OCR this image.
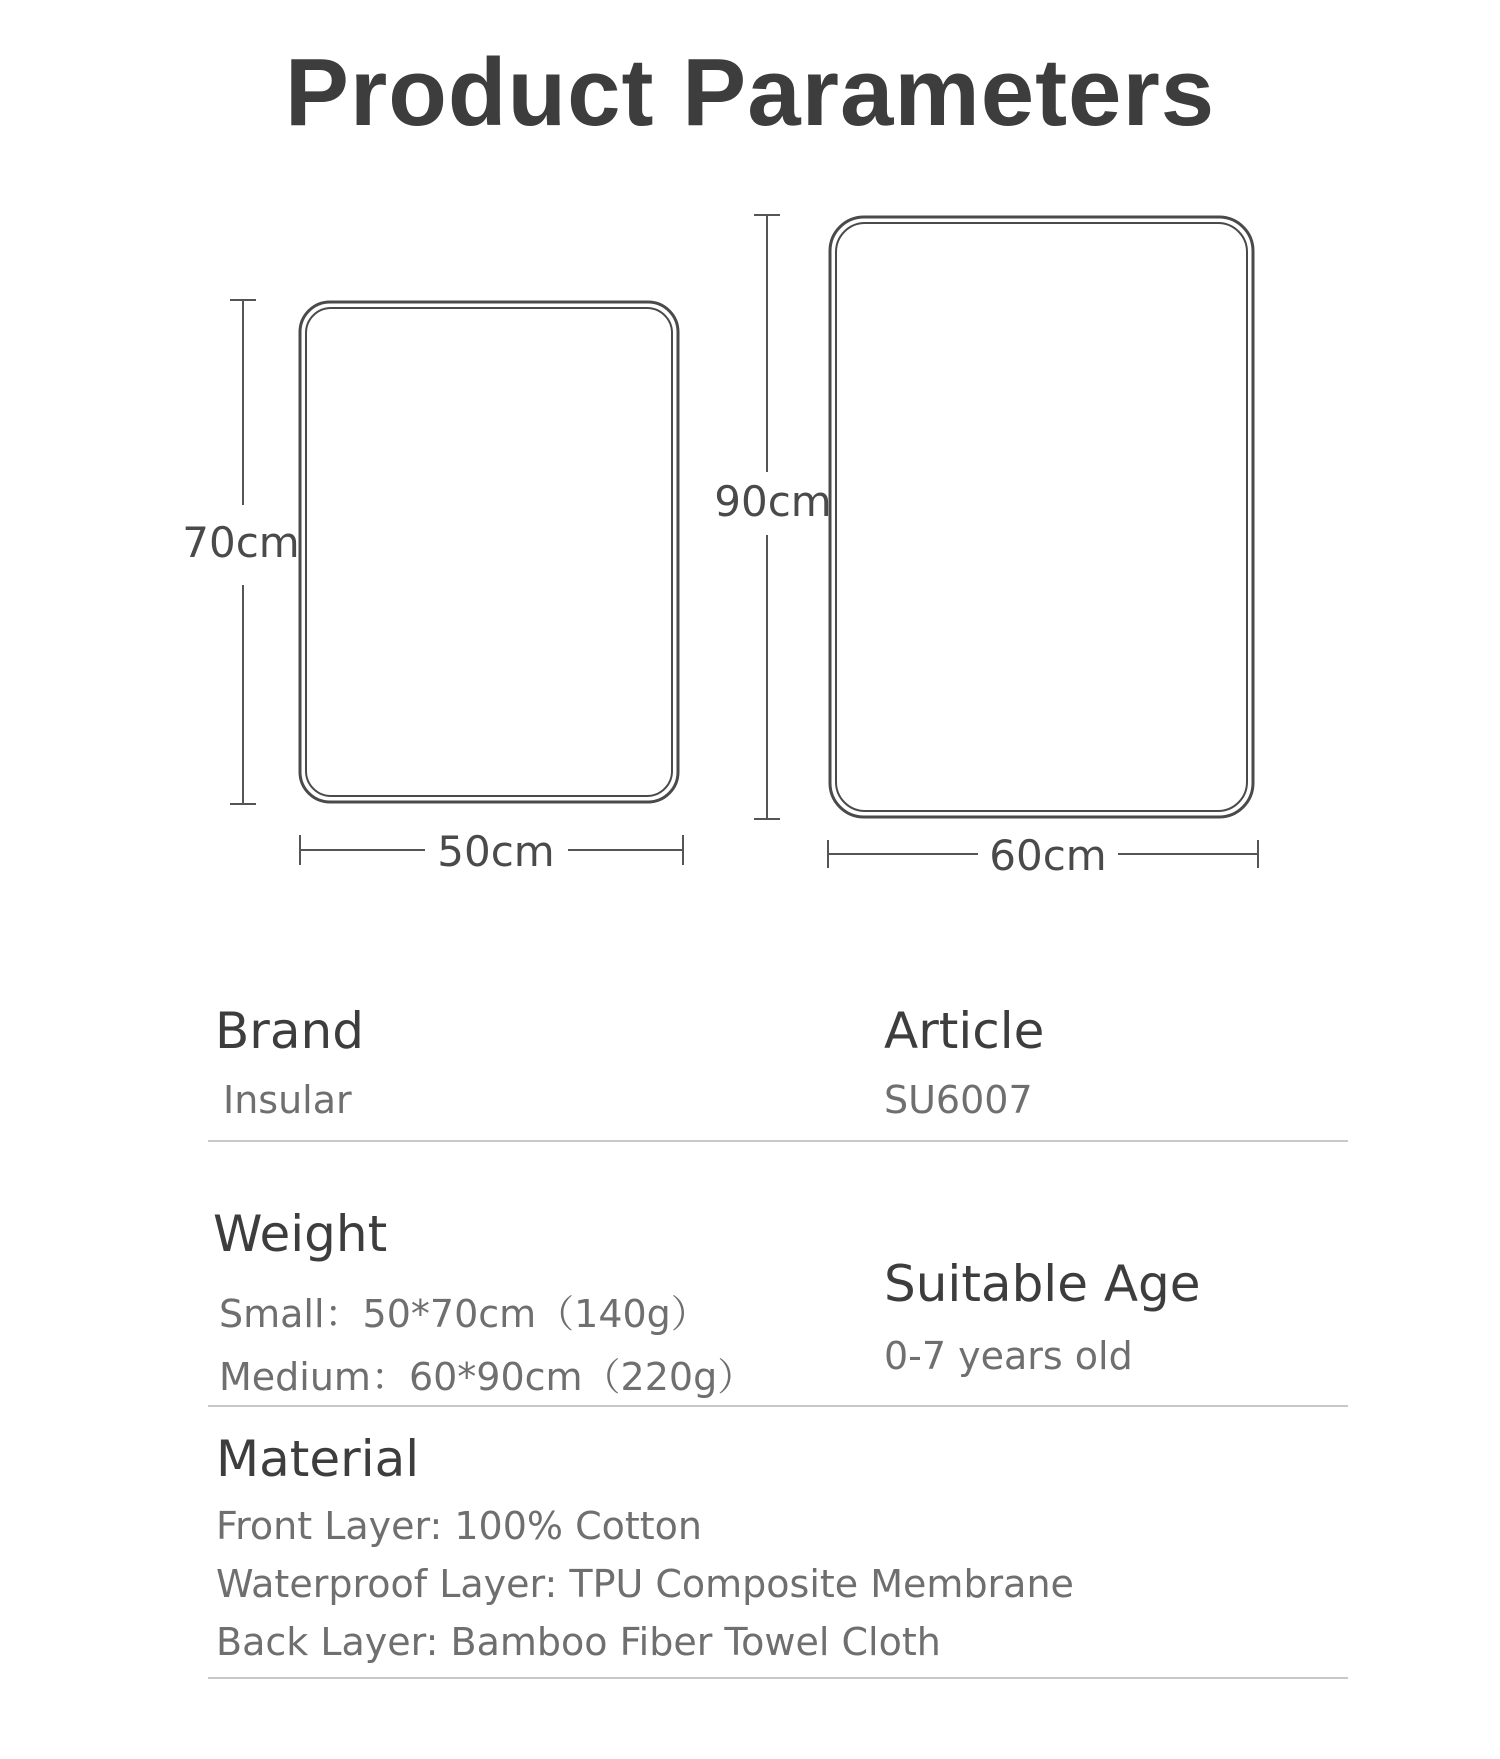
Product Parameters
70cm
50cm
90cm
60cm
Brand
Insular
Article
SU6007
Weight
Small：50*70cm（140g）
Medium：60*90cm（220g）
Suitable Age
0-7 years old
Material
Front Layer: 100% Cotton
Waterproof Layer: TPU Composite Membrane
Back Layer: Bamboo Fiber Towel Cloth
